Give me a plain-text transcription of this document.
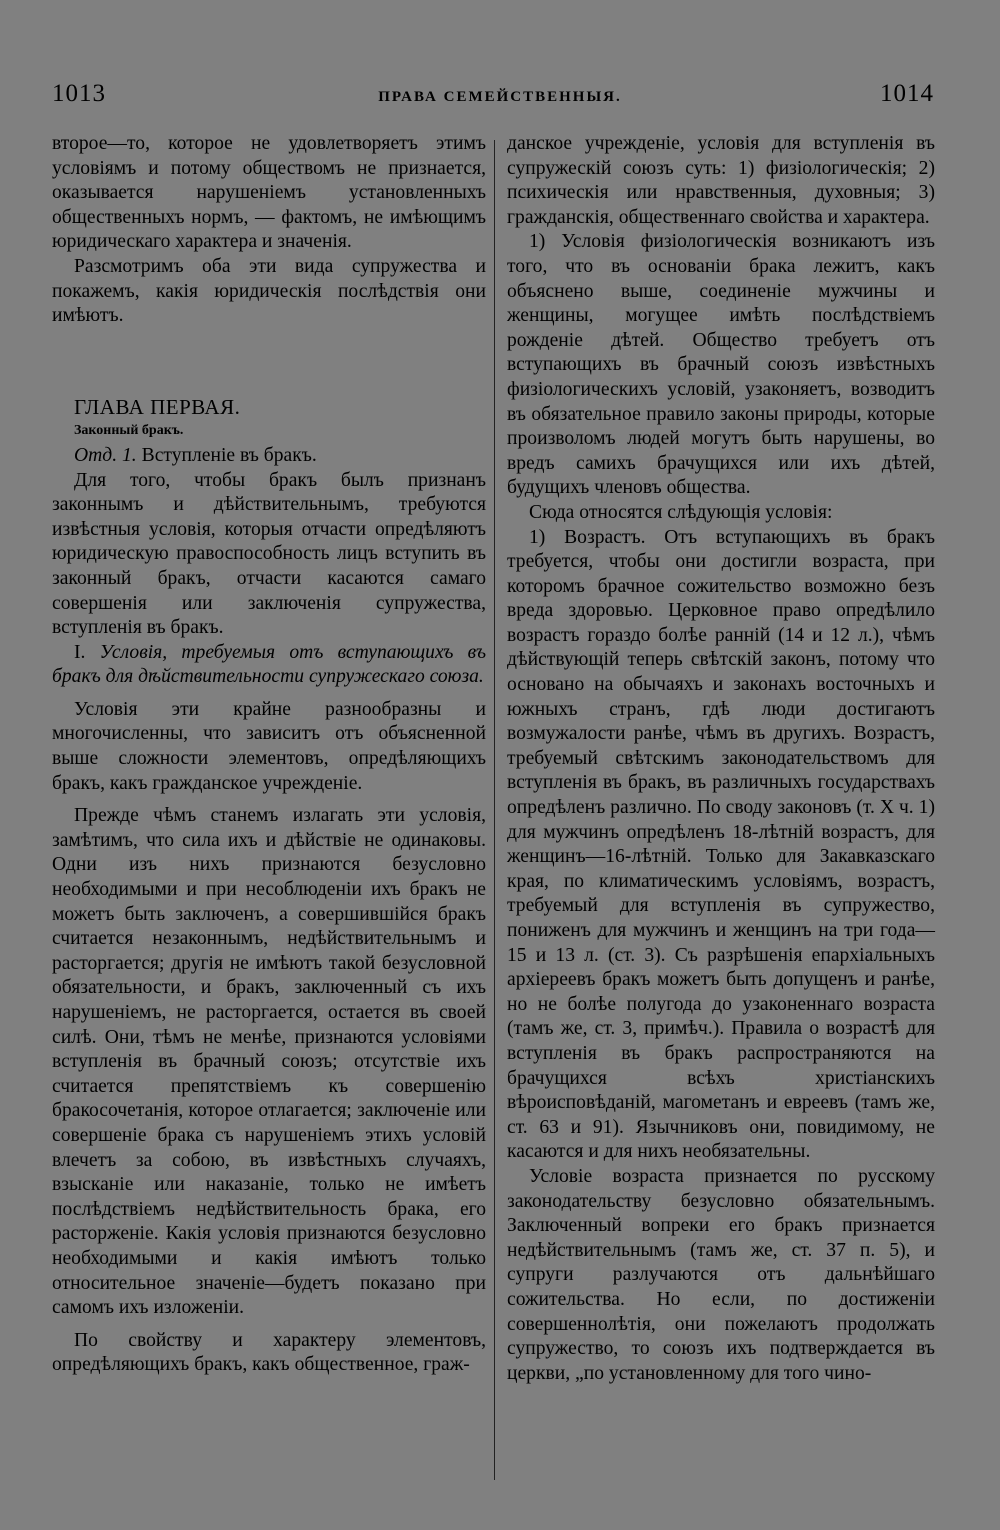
1013	ПРАВА СЕМЕЙСТВЕННЫЯ.	1014

второе—то, которое не удовлетворяетъ этимъ условіямъ и потому обществомъ не признается, оказывается нарушеніемъ установленныхъ общественныхъ нормъ, — фактомъ, не имѣющимъ юридическаго характера и значенія.

Разсмотримъ оба эти вида супружества и покажемъ, какія юридическія послѣдствія они имѣютъ.

ГЛАВА ПЕРВАЯ.

Законный бракъ.

Отд. 1. Вступленіе въ бракъ.

Для того, чтобы бракъ былъ признанъ законнымъ и дѣйствительнымъ, требуются извѣстныя условія, которыя отчасти опредѣляютъ юридическую правоспособность лицъ вступить въ законный бракъ, отчасти касаются самаго совершенія или заключенія супружества, вступленія въ бракъ.

I. Условія, требуемыя отъ вступающихъ въ бракъ для дѣйствительности супружескаго союза.

Условія эти крайне разнообразны и многочисленны, что зависитъ отъ объясненной выше сложности элементовъ, опредѣляющихъ бракъ, какъ гражданское учрежденіе.

Прежде чѣмъ станемъ излагать эти условія, замѣтимъ, что сила ихъ и дѣйствіе не одинаковы. Одни изъ нихъ признаются безусловно необходимыми и при несоблюденіи ихъ бракъ не можетъ быть заключенъ, а совершившійся бракъ считается незаконнымъ, недѣйствительнымъ и расторгается; другія не имѣютъ такой безусловной обязательности, и бракъ, заключенный съ ихъ нарушеніемъ, не расторгается, остается въ своей силѣ. Они, тѣмъ не менѣе, признаются условіями вступленія въ брачный союзъ; отсутствіе ихъ считается препятствіемъ къ совершенію бракосочетанія, которое отлагается; заключеніе или совершеніе брака съ нарушеніемъ этихъ условій влечетъ за собою, въ извѣстныхъ случаяхъ, взысканіе или наказаніе, только не имѣетъ послѣдствіемъ недѣйствительность брака, его расторженіе. Какія условія признаются безусловно необходимыми и какія имѣютъ только относительное значеніе—будетъ показано при самомъ ихъ изложеніи.

По свойству и характеру элементовъ, опредѣляющихъ бракъ, какъ общественное, граж-

данское учрежденіе, условія для вступленія въ супружескій союзъ суть: 1) физіологическія; 2) психическія или нравственныя, духовныя; 3) гражданскія, общественнаго свойства и характера.

1) Условія физіологическія возникаютъ изъ того, что въ основаніи брака лежитъ, какъ объяснено выше, соединеніе мужчины и женщины, могущее имѣть послѣдствіемъ рожденіе дѣтей. Общество требуетъ отъ вступающихъ въ брачный союзъ извѣстныхъ физіологическихъ условій, узаконяетъ, возводитъ въ обязательное правило законы природы, которые произволомъ людей могутъ быть нарушены, во вредъ самихъ брачущихся или ихъ дѣтей, будущихъ членовъ общества.

Сюда относятся слѣдующія условія:

1) Возрастъ. Отъ вступающихъ въ бракъ требуется, чтобы они достигли возраста, при которомъ брачное сожительство возможно безъ вреда здоровью. Церковное право опредѣлило возрастъ гораздо болѣе ранній (14 и 12 л.), чѣмъ дѣйствующій теперь свѣтскій законъ, потому что основано на обычаяхъ и законахъ восточныхъ и южныхъ странъ, гдѣ люди достигаютъ возмужалости ранѣе, чѣмъ въ другихъ. Возрастъ, требуемый свѣтскимъ законодательствомъ для вступленія въ бракъ, въ различныхъ государствахъ опредѣленъ различно. По своду законовъ (т. X ч. 1) для мужчинъ опредѣленъ 18-лѣтній возрастъ, для женщинъ—16-лѣтній. Только для Закавказскаго края, по климатическимъ условіямъ, возрастъ, требуемый для вступленія въ супружество, пониженъ для мужчинъ и женщинъ на три года—15 и 13 л. (ст. 3). Съ разрѣшенія епархіальныхъ архіереевъ бракъ можетъ быть допущенъ и ранѣе, но не болѣе полугода до узаконеннаго возраста (тамъ же, ст. 3, примѣч.). Правила о возрастѣ для вступленія въ бракъ распространяются на брачущихся всѣхъ христіанскихъ вѣроисповѣданій, магометанъ и евреевъ (тамъ же, ст. 63 и 91). Язычниковъ они, повидимому, не касаются и для нихъ необязательны.

Условіе возраста признается по русскому законодательству безусловно обязательнымъ. Заключенный вопреки его бракъ признается недѣйствительнымъ (тамъ же, ст. 37 п. 5), и супруги разлучаются отъ дальнѣйшаго сожительства. Но если, по достиженіи совершеннолѣтія, они пожелаютъ продолжать супружество, то союзъ ихъ подтверждается въ церкви, „по установленному для того чино-
